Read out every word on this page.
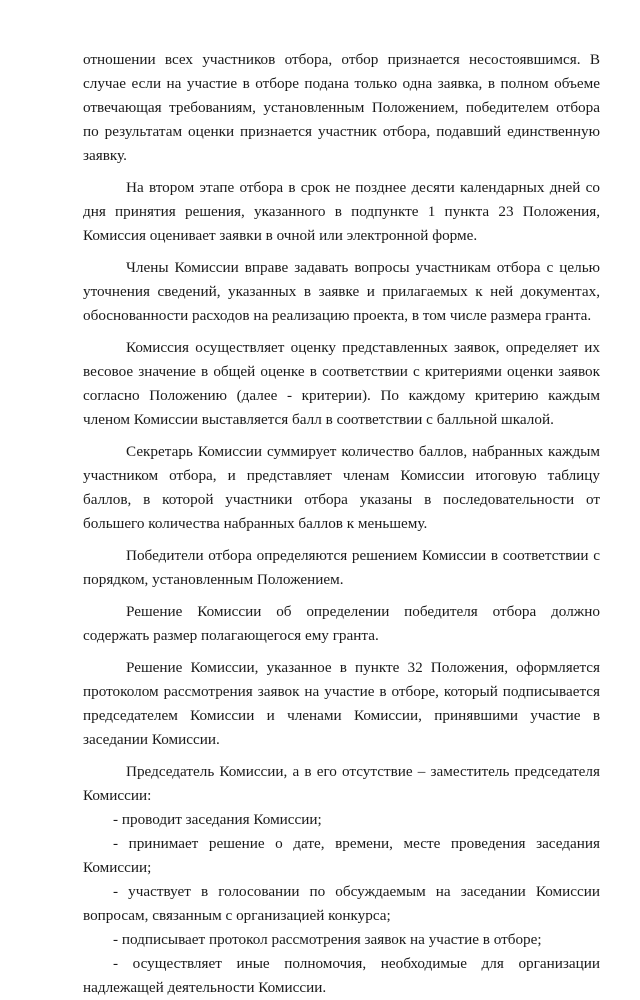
отношении всех участников отбора, отбор признается несостоявшимся. В случае если на участие в отборе подана только одна заявка, в полном объеме отвечающая требованиям, установленным Положением, победителем отбора по результатам оценки признается участник отбора, подавший единственную заявку.

На втором этапе отбора в срок не позднее десяти календарных дней со дня принятия решения, указанного в подпункте 1 пункта 23 Положения, Комиссия оценивает заявки в очной или электронной форме.

Члены Комиссии вправе задавать вопросы участникам отбора с целью уточнения сведений, указанных в заявке и прилагаемых к ней документах, обоснованности расходов на реализацию проекта, в том числе размера гранта.

Комиссия осуществляет оценку представленных заявок, определяет их весовое значение в общей оценке в соответствии с критериями оценки заявок согласно Положению (далее - критерии). По каждому критерию каждым членом Комиссии выставляется балл в соответствии с балльной шкалой.

Секретарь Комиссии суммирует количество баллов, набранных каждым участником отбора, и представляет членам Комиссии итоговую таблицу баллов, в которой участники отбора указаны в последовательности от большего количества набранных баллов к меньшему.

Победители отбора определяются решением Комиссии в соответствии с порядком, установленным Положением.

Решение Комиссии об определении победителя отбора должно содержать размер полагающегося ему гранта.

Решение Комиссии, указанное в пункте 32 Положения, оформляется протоколом рассмотрения заявок на участие в отборе, который подписывается председателем Комиссии и членами Комиссии, принявшими участие в заседании Комиссии.

Председатель Комиссии, а в его отсутствие – заместитель председателя Комиссии:

- проводит заседания Комиссии;

- принимает решение о дате, времени, месте проведения заседания Комиссии;

- участвует в голосовании по обсуждаемым на заседании Комиссии вопросам, связанным с организацией конкурса;

- подписывает протокол рассмотрения заявок на участие в отборе;

- осуществляет иные полномочия, необходимые для организации надлежащей деятельности Комиссии.
